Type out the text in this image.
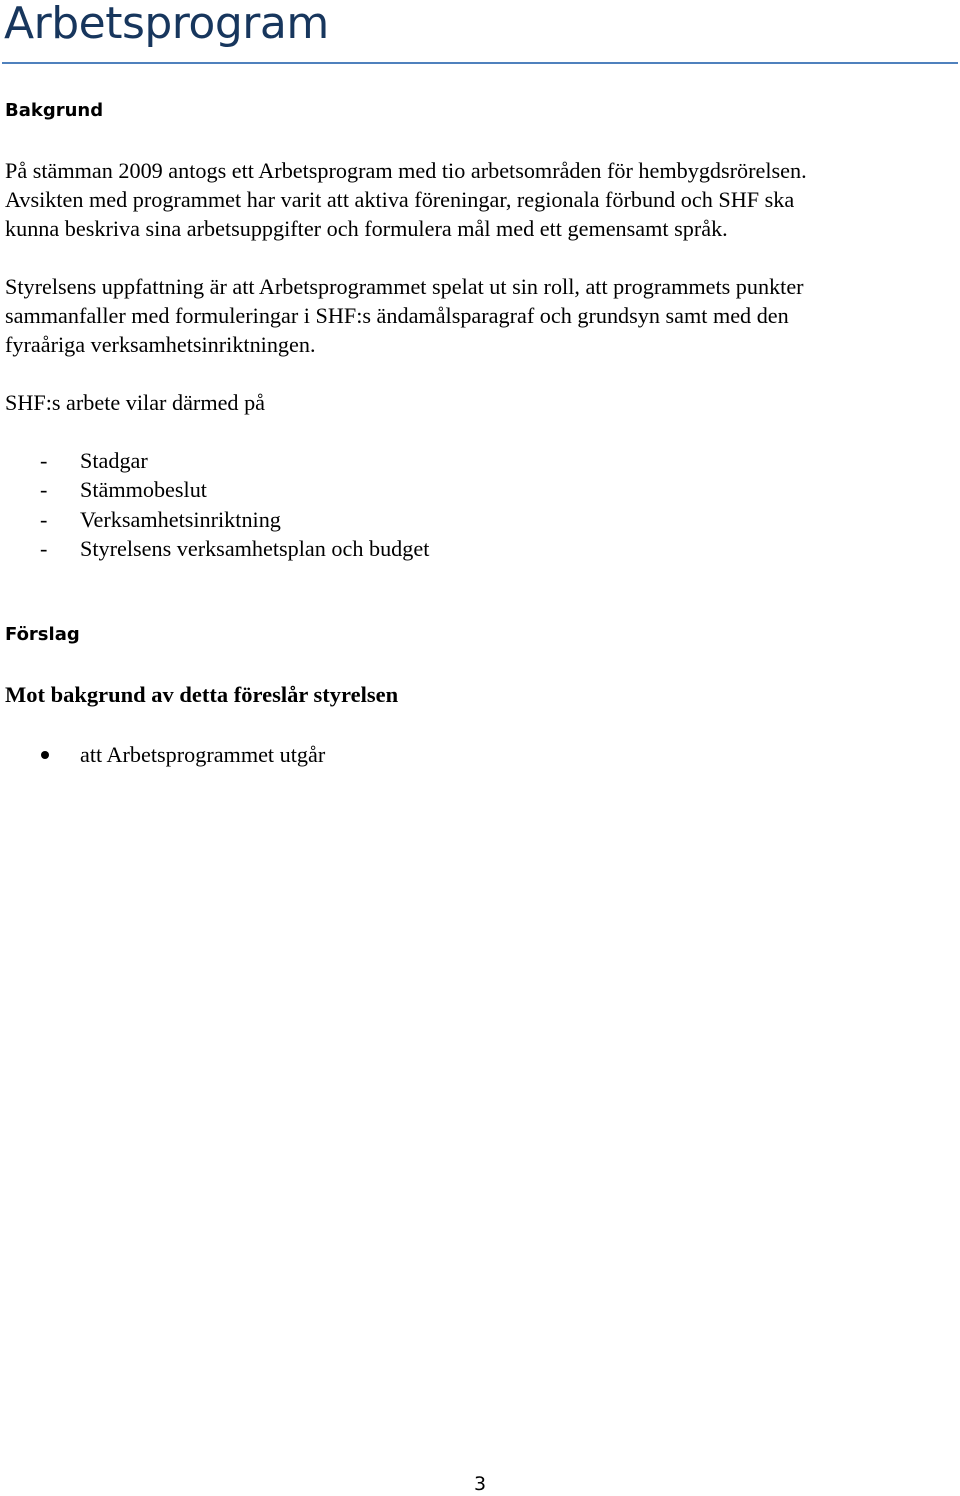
Arbetsprogram
Bakgrund
På stämman 2009 antogs ett Arbetsprogram med tio arbetsområden för hembygdsrörelsen.
Avsikten med programmet har varit att aktiva föreningar, regionala förbund och SHF ska
kunna beskriva sina arbetsuppgifter och formulera mål med ett gemensamt språk.
Styrelsens uppfattning är att Arbetsprogrammet spelat ut sin roll, att programmets punkter
sammanfaller med formuleringar i SHF:s ändamålsparagraf och grundsyn samt med den
fyraåriga verksamhetsinriktningen.
SHF:s arbete vilar därmed på
- Stadgar
- Stämmobeslut
- Verksamhetsinriktning
- Styrelsens verksamhetsplan och budget
Förslag

Mot bakgrund av detta föreslår styrelsen

att Arbetsprogrammet utgår
3
